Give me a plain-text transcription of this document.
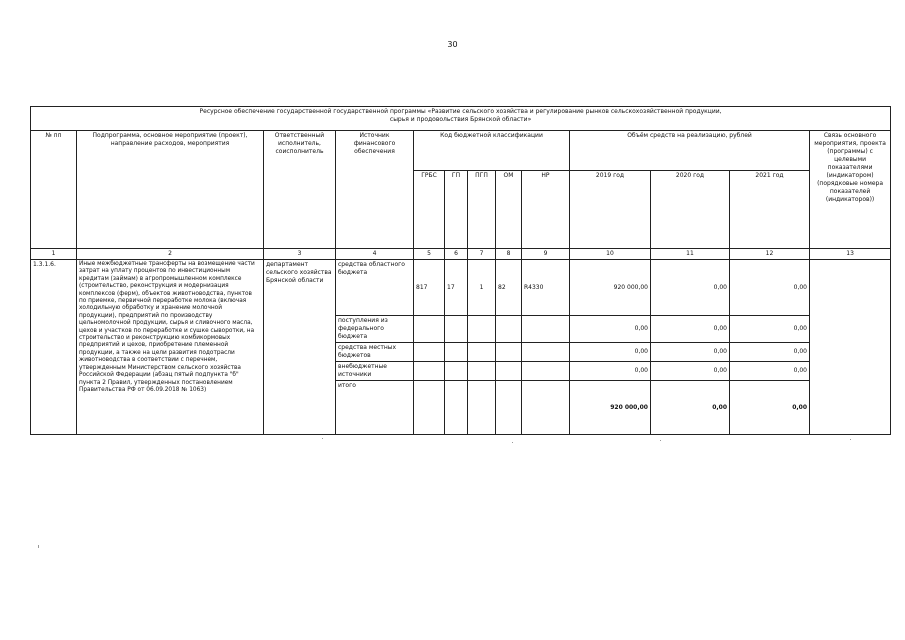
30
Ресурсное обеспечение государственной государственной программы «Развитие сельского хозяйства и регулирование рынков сельскохозяйственной продукции,
сырья и продовольствия Брянской области»												

№ пп	Подпрограмма, основное мероприятие (проект), направление расходов, мероприятия	Ответственный исполнитель, соисполнитель	Источник финансового обеспечения	Код бюджетной классификации					Объём средств на реализацию, рублей			Связь основного мероприятия, проекта (программы) с целевыми показателями (индикатором) (порядковые номера показателей (индикаторов))
				ГРБС	ГП	ПГП	ОМ	НР	2019 год	2020 год	2021 год	
1	2	3	4	5	6	7	8	9	10	11	12	13
1.3.1.6.	Иные межбюджетные трансферты на возмещение части затрат на уплату процентов по инвестиционным кредитам (займам) в агропромышленном комплексе (строительство, реконструкция и модернизация комплексов (ферм), объектов животноводства, пунктов по приемке, первичной переработке молока (включая холодильную обработку и хранение молочной продукции), предприятий по производству цельномолочной продукции, сырья и сливочного масла, цехов и участков по переработке и сушке сыворотки, на строительство и реконструкцию комбикормовых предприятий и цехов, приобретение племенной продукции, а также на цели развития подотрасли животноводства в соответствии с перечнем, утвержденным Министерством сельского хозяйства Российской Федерации (абзац пятый подпункта "б" пункта 2 Правил, утвержденных постановлением Правительства РФ от 06.09.2018 № 1063)	департамент сельского хозяйства Брянской области	средства областного бюджета	817	17	1	82	R4330	920 000,00	0,00	0,00	
			поступления из федерального бюджета						0,00	0,00	0,00	
			средства местных бюджетов						0,00	0,00	0,00	
			внебюджетные источники						0,00	0,00	0,00	
			итого						920 000,00	0,00	0,00	
